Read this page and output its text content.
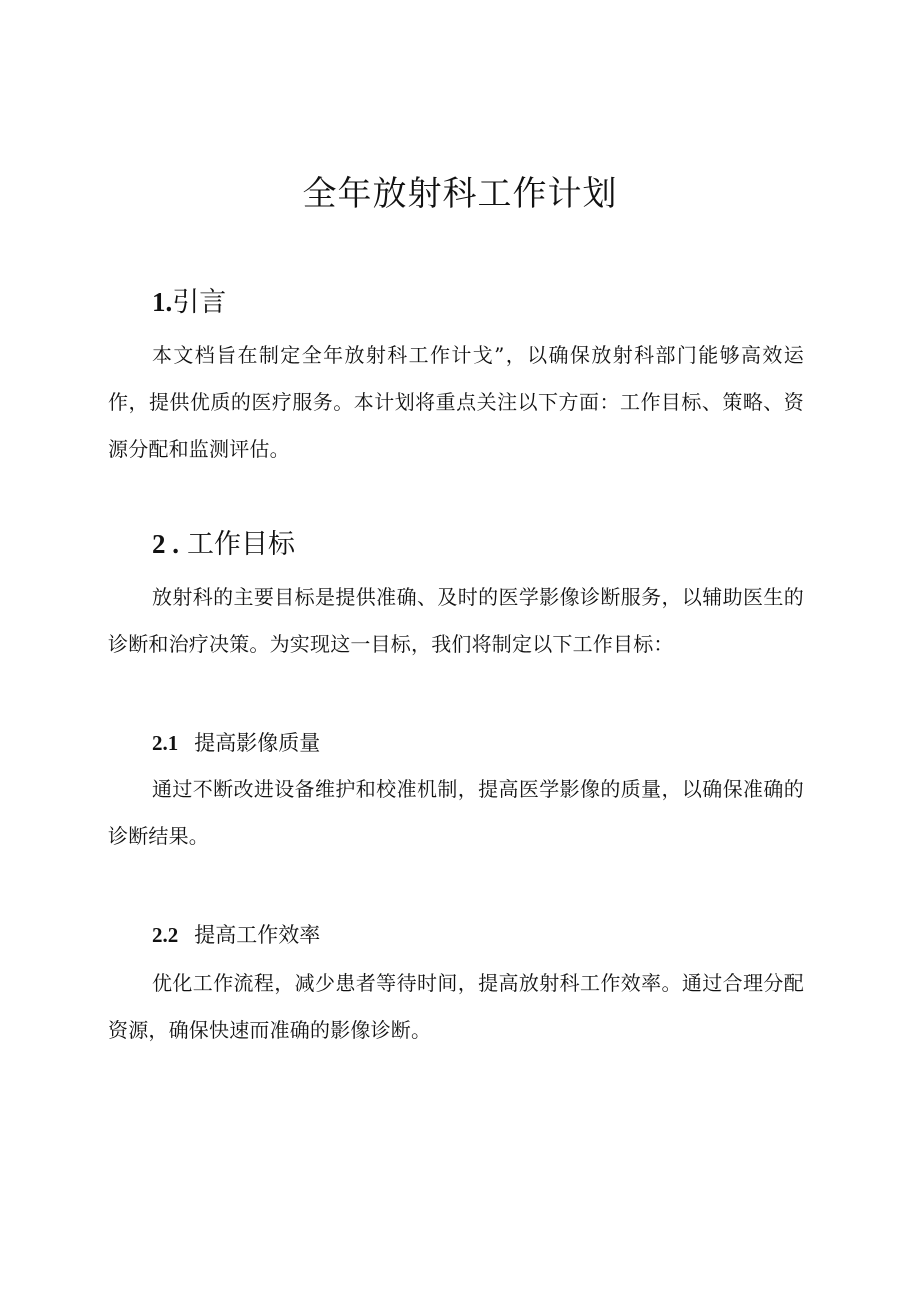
全年放射科工作计划
1.引言

本文档旨在制定全年放射科工作计戈”，以确保放射科部门能够高效运作，提供优质的医疗服务。本计划将重点关注以下方面：工作目标、策略、资源分配和监测评估。

2 . 工作目标

放射科的主要目标是提供准确、及时的医学影像诊断服务，以辅助医生的诊断和治疗决策。为实现这一目标，我们将制定以下工作目标：

2.1 提高影像质量

通过不断改进设备维护和校准机制，提高医学影像的质量，以确保准确的诊断结果。

2.2 提高工作效率

优化工作流程，减少患者等待时间，提高放射科工作效率。通过合理分配资源，确保快速而准确的影像诊断。
